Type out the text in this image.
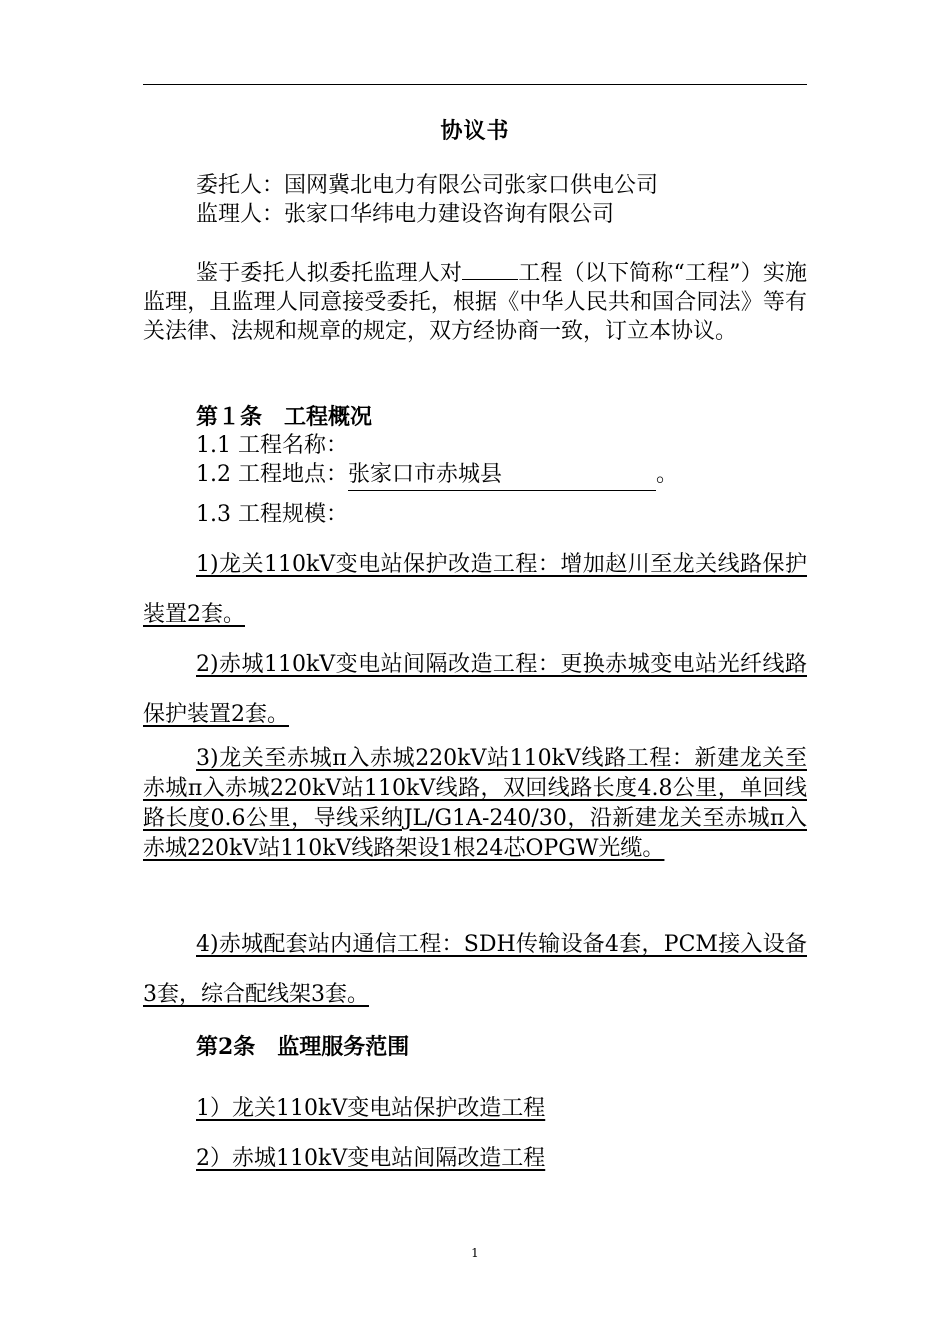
协议书
委托人：国网冀北电力有限公司张家口供电公司
监理人：张家口华纬电力建设咨询有限公司
鉴于委托人拟委托监理人对	工程（以下简称“工程”）实施监理，且监理人同意接受委托，根据《中华人民共和国合同法》等有关法律、法规和规章的规定，双方经协商一致，订立本协议。
第１条　工程概况
1.1 工程名称：
1.2 工程地点：张家口市赤城县	。
1.3 工程规模：
1)龙关110kV变电站保护改造工程：增加赵川至龙关线路保护装置2套。
2)赤城110kV变电站间隔改造工程：更换赤城变电站光纤线路保护装置2套。
3)龙关至赤城π入赤城220kV站110kV线路工程：新建龙关至赤城π入赤城220kV站110kV线路，双回线路长度4.8公里，单回线路长度0.6公里，导线采纳JL/G1A-240/30，沿新建龙关至赤城π入赤城220kV站110kV线路架设1根24芯OPGW光缆。
4)赤城配套站内通信工程：SDH传输设备4套，PCM接入设备3套，综合配线架3套。
第2条　监理服务范围
1）龙关110kV变电站保护改造工程
2）赤城110kV变电站间隔改造工程
1
